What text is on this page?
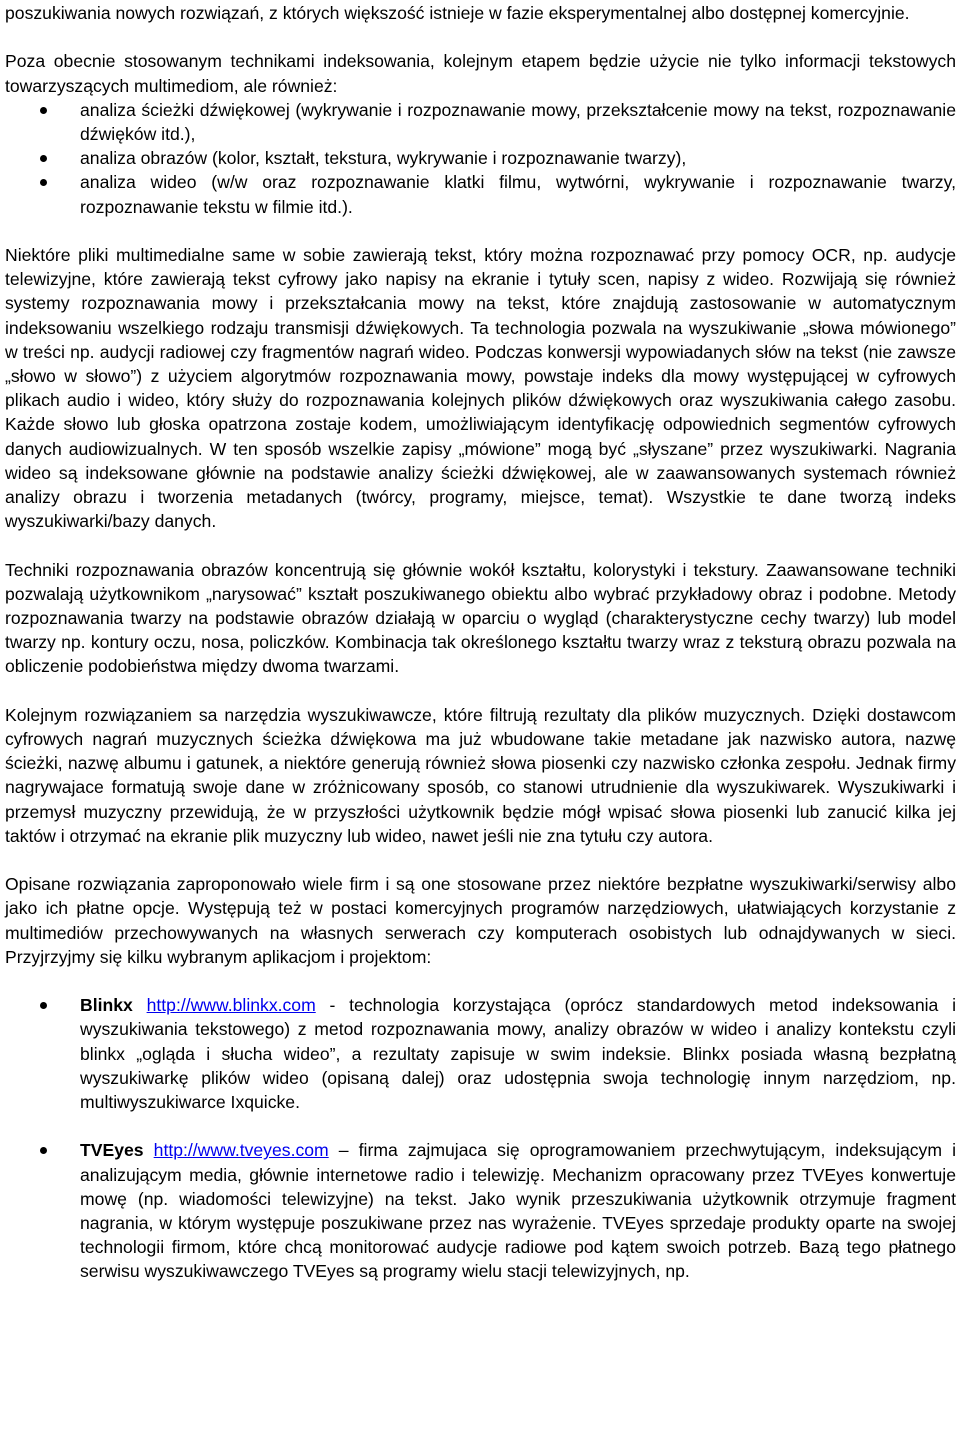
poszukiwania nowych rozwiązań, z których większość istnieje w fazie eksperymentalnej albo dostępnej komercyjnie.

Poza obecnie stosowanym technikami indeksowania, kolejnym etapem będzie użycie nie tylko informacji tekstowych towarzyszących multimediom, ale również:

analiza ścieżki dźwiękowej (wykrywanie i rozpoznawanie mowy, przekształcenie mowy na tekst, rozpoznawanie dźwięków itd.),
analiza obrazów (kolor, kształt, tekstura, wykrywanie i rozpoznawanie twarzy),
analiza wideo (w/w oraz rozpoznawanie klatki filmu, wytwórni, wykrywanie i rozpoznawanie twarzy, rozpoznawanie tekstu w filmie itd.).

Niektóre pliki multimedialne same w sobie zawierają tekst, który można rozpoznawać przy pomocy OCR, np. audycje telewizyjne, które zawierają tekst cyfrowy jako napisy na ekranie i tytuły scen, napisy z wideo. Rozwijają się również systemy rozpoznawania mowy i przekształcania mowy na tekst, które znajdują zastosowanie w automatycznym indeksowaniu wszelkiego rodzaju transmisji dźwiękowych. Ta technologia pozwala na wyszukiwanie „słowa mówionego” w treści np. audycji radiowej czy fragmentów nagrań wideo. Podczas konwersji wypowiadanych słów na tekst (nie zawsze „słowo w słowo”) z użyciem algorytmów rozpoznawania mowy, powstaje indeks dla mowy występującej w cyfrowych plikach audio i wideo, który służy do rozpoznawania kolejnych plików dźwiękowych oraz wyszukiwania całego zasobu. Każde słowo lub głoska opatrzona zostaje kodem, umożliwiającym identyfikację odpowiednich segmentów cyfrowych danych audiowizualnych. W ten sposób wszelkie zapisy „mówione” mogą być „słyszane” przez wyszukiwarki. Nagrania wideo są indeksowane głównie na podstawie analizy ścieżki dźwiękowej, ale w zaawansowanych systemach również analizy obrazu i tworzenia metadanych (twórcy, programy, miejsce, temat). Wszystkie te dane tworzą indeks wyszukiwarki/bazy danych.

Techniki rozpoznawania obrazów koncentrują się głównie wokół kształtu, kolorystyki i tekstury. Zaawansowane techniki pozwalają użytkownikom „narysować” kształt poszukiwanego obiektu albo wybrać przykładowy obraz i podobne. Metody rozpoznawania twarzy na podstawie obrazów działają w oparciu o wygląd (charakterystyczne cechy twarzy) lub model twarzy np. kontury oczu, nosa, policzków. Kombinacja tak określonego kształtu twarzy wraz z teksturą obrazu pozwala na obliczenie podobieństwa między dwoma twarzami.

Kolejnym rozwiązaniem sa narzędzia wyszukiwawcze, które filtrują rezultaty dla plików muzycznych. Dzięki dostawcom cyfrowych nagrań muzycznych ścieżka dźwiękowa ma już wbudowane takie metadane jak nazwisko autora, nazwę ścieżki, nazwę albumu i gatunek, a niektóre generują również słowa piosenki czy nazwisko członka zespołu. Jednak firmy nagrywajace formatują swoje dane w zróżnicowany sposób, co stanowi utrudnienie dla wyszukiwarek. Wyszukiwarki i przemysł muzyczny przewidują, że w przyszłości użytkownik będzie mógł wpisać słowa piosenki lub zanucić kilka jej taktów i otrzymać na ekranie plik muzyczny lub wideo, nawet jeśli nie zna tytułu czy autora.

Opisane rozwiązania zaproponowało wiele firm i są one stosowane przez niektóre bezpłatne wyszukiwarki/serwisy albo jako ich płatne opcje. Występują też w postaci komercyjnych programów narzędziowych, ułatwiających korzystanie z multimediów przechowywanych na własnych serwerach czy komputerach osobistych lub odnajdywanych w sieci. Przyjrzyjmy się kilku wybranym aplikacjom i projektom:

Blinkx http://www.blinkx.com - technologia korzystająca (oprócz standardowych metod indeksowania i wyszukiwania tekstowego) z metod rozpoznawania mowy, analizy obrazów w wideo i analizy kontekstu czyli blinkx „ogląda i słucha wideo”, a rezultaty zapisuje w swim indeksie. Blinkx posiada własną bezpłatną wyszukiwarkę plików wideo (opisaną dalej) oraz udostępnia swoja technologię innym narzędziom, np. multiwyszukiwarce Ixquicke.
TVEyes http://www.tveyes.com – firma zajmujaca się oprogramowaniem przechwytującym, indeksującym i analizującym media, głównie internetowe radio i telewizję. Mechanizm opracowany przez TVEyes konwertuje mowę (np. wiadomości telewizyjne) na tekst. Jako wynik przeszukiwania użytkownik otrzymuje fragment nagrania, w którym występuje poszukiwane przez nas wyrażenie. TVEyes sprzedaje produkty oparte na swojej technologii firmom, które chcą monitorować audycje radiowe pod kątem swoich potrzeb. Bazą tego płatnego serwisu wyszukiwawczego TVEyes są programy wielu stacji telewizyjnych, np.
